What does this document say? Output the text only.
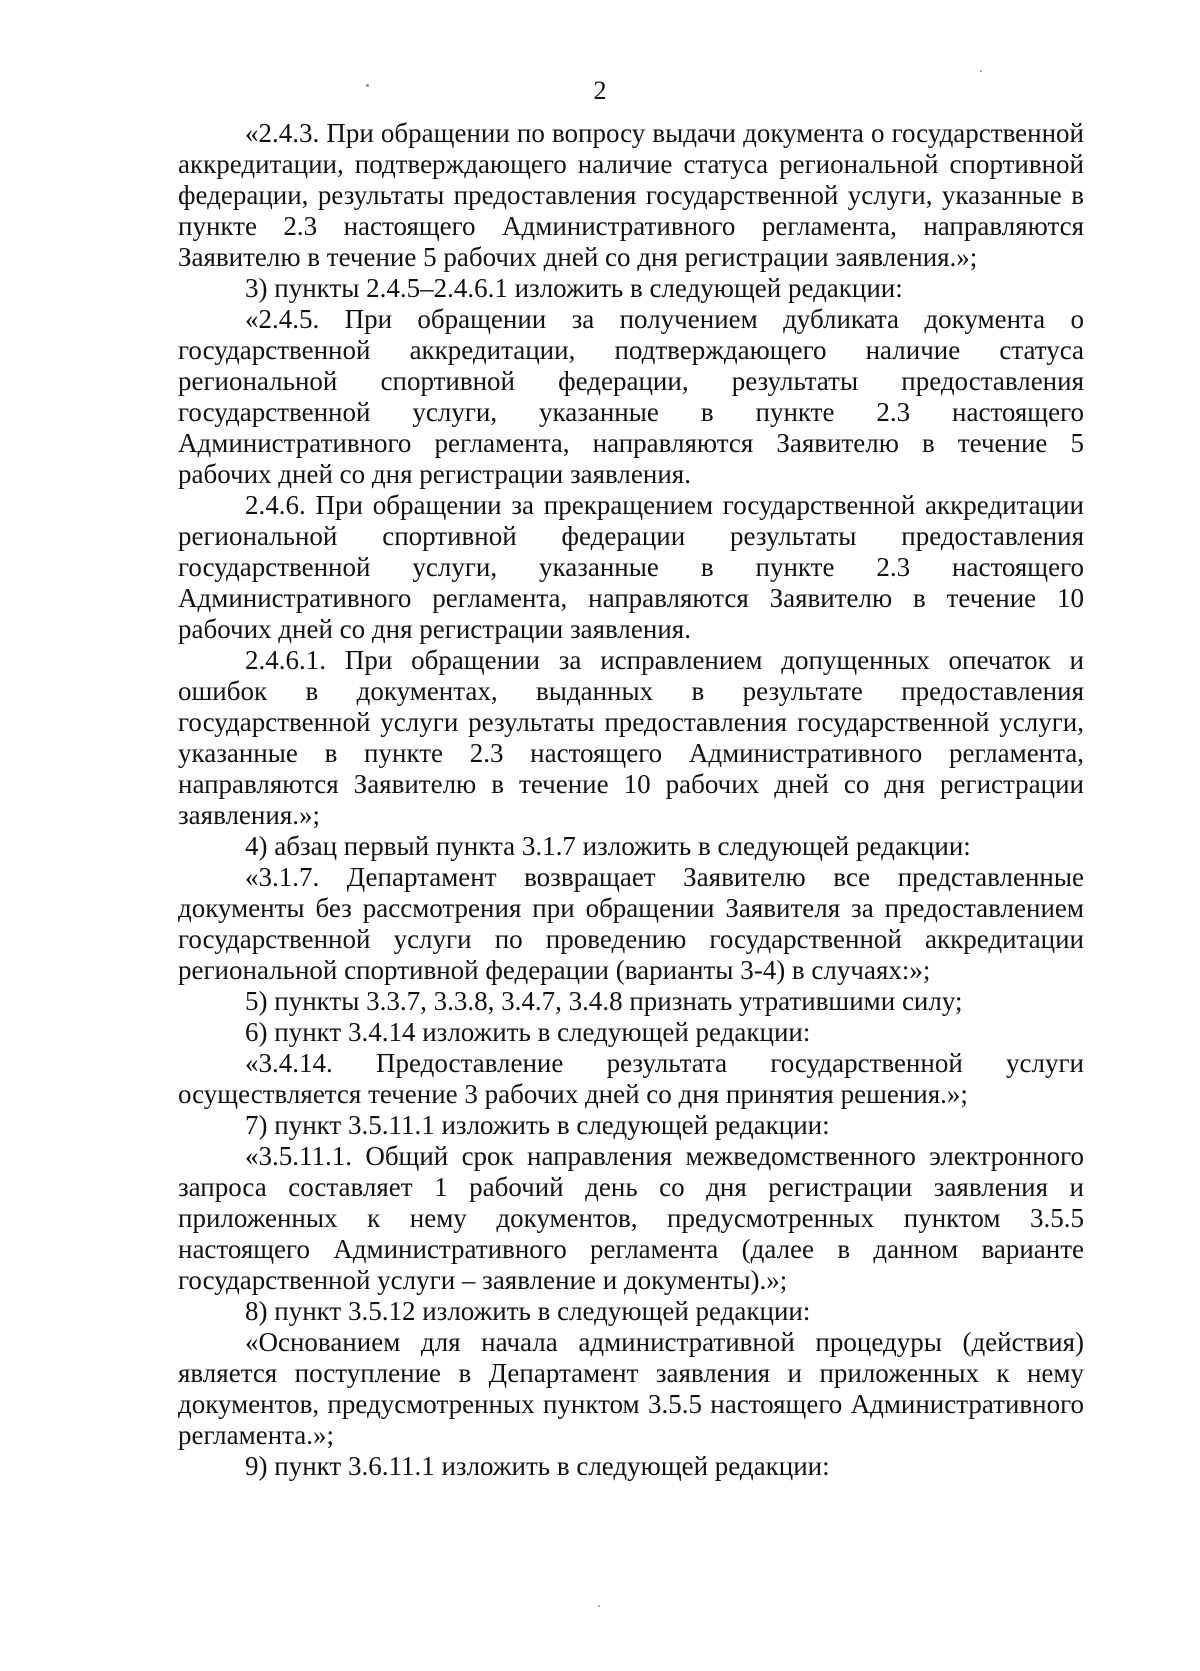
2

«2.4.3. При обращении по вопросу выдачи документа о государственной аккредитации, подтверждающего наличие статуса региональной спортивной федерации, результаты предоставления государственной услуги, указанные в пункте 2.3 настоящего Административного регламента, направляются Заявителю в течение 5 рабочих дней со дня регистрации заявления.»;

3) пункты 2.4.5–2.4.6.1 изложить в следующей редакции:

«2.4.5. При обращении за получением дубликата документа о государственной аккредитации, подтверждающего наличие статуса региональной спортивной федерации, результаты предоставления государственной услуги, указанные в пункте 2.3 настоящего Административного регламента, направляются Заявителю в течение 5 рабочих дней со дня регистрации заявления.

2.4.6. При обращении за прекращением государственной аккредитации региональной спортивной федерации результаты предоставления государственной услуги, указанные в пункте 2.3 настоящего Административного регламента, направляются Заявителю в течение 10 рабочих дней со дня регистрации заявления.

2.4.6.1. При обращении за исправлением допущенных опечаток и ошибок в документах, выданных в результате предоставления государственной услуги результаты предоставления государственной услуги, указанные в пункте 2.3 настоящего Административного регламента, направляются Заявителю в течение 10 рабочих дней со дня регистрации заявления.»;

4) абзац первый пункта 3.1.7 изложить в следующей редакции:

«3.1.7. Департамент возвращает Заявителю все представленные документы без рассмотрения при обращении Заявителя за предоставлением государственной услуги по проведению государственной аккредитации региональной спортивной федерации (варианты 3-4) в случаях:»;

5) пункты 3.3.7, 3.3.8, 3.4.7, 3.4.8 признать утратившими силу;

6) пункт 3.4.14 изложить в следующей редакции:

«3.4.14. Предоставление результата государственной услуги осуществляется течение 3 рабочих дней со дня принятия решения.»;

7) пункт 3.5.11.1 изложить в следующей редакции:

«3.5.11.1. Общий срок направления межведомственного электронного запроса составляет 1 рабочий день со дня регистрации заявления и приложенных к нему документов, предусмотренных пунктом 3.5.5 настоящего Административного регламента (далее в данном варианте государственной услуги – заявление и документы).»;

8) пункт 3.5.12 изложить в следующей редакции:

«Основанием для начала административной процедуры (действия) является поступление в Департамент заявления и приложенных к нему документов, предусмотренных пунктом 3.5.5 настоящего Административного регламента.»;

9) пункт 3.6.11.1 изложить в следующей редакции:
